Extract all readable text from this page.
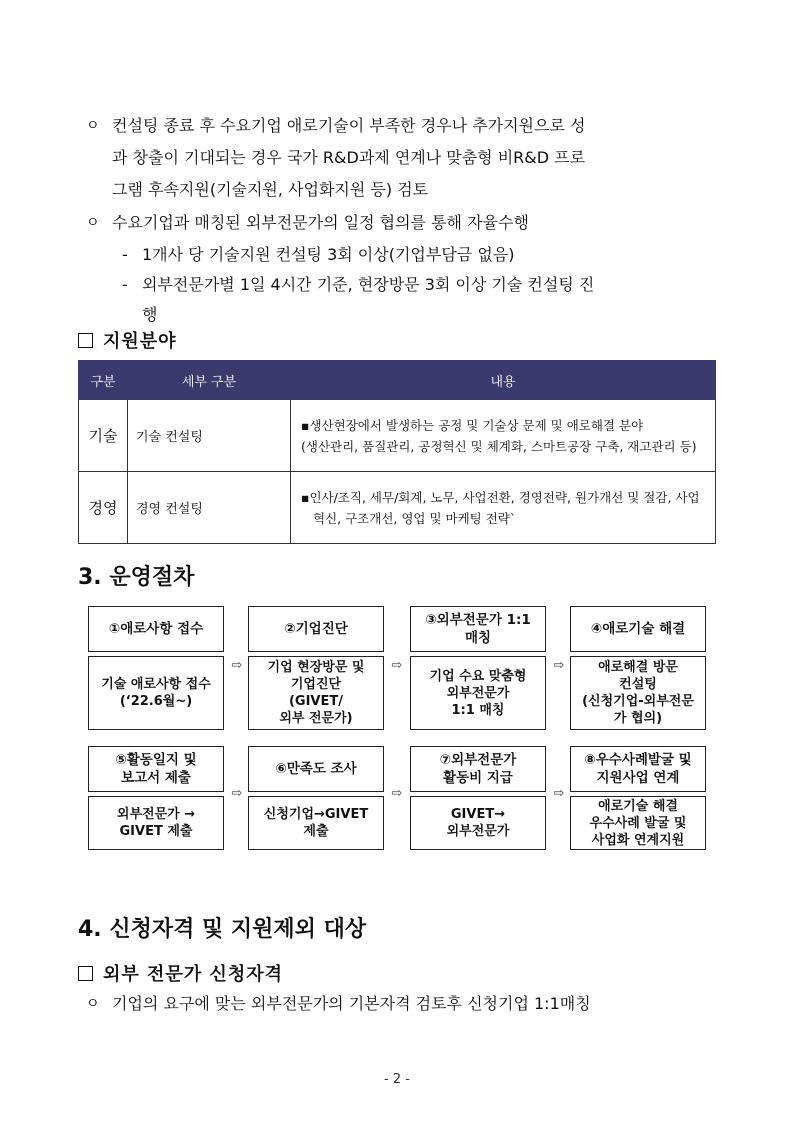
ㅇ 컨설팅 종료 후 수요기업 애로기술이 부족한 경우나 추가지원으로 성
과 창출이 기대되는 경우 국가 R&D과제 연계나 맞춤형 비R&D 프로
그램 후속지원(기술지원, 사업화지원 등) 검토
ㅇ 수요기업과 매칭된 외부전문가의 일정 협의를 통해 자율수행
- 1개사 당 기술지원 컨설팅 3회 이상(기업부담금 없음)
- 외부전문가별 1일 4시간 기준, 현장방문 3회 이상 기술 컨설팅 진
행
지원분야
구분	세부 구분	내용
기술	기술 컨설팅	▪생산현장에서 발생하는 공정 및 기술상 문제 및 애로해결 분야
(생산관리, 품질관리, 공정혁신 및 체계화, 스마트공장 구축, 재고관리 등)

경영	경영 컨설팅	▪인사/조직, 세무/회계, 노무, 사업전환, 경영전략, 원가개선 및 절감, 사업
혁신, 구조개선, 영업 및 마케팅 전략`
3. 운영절차
①애로사항 접수
기술 애로사항 접수
(‘22.6월~)
⇨
②기업진단
기업 현장방문 및
기업진단
(GIVET/
외부 전문가)
⇨
③외부전문가 1:1
매칭
기업 수요 맞춤형
외부전문가
1:1 매칭
⇨
④애로기술 해결
애로해결 방문
컨설팅
(신청기업-외부전문
가 협의)
⑤활동일지 및
보고서 제출
외부전문가 →
GIVET 제출
⇨
⑥만족도 조사
신청기업→GIVET
제출
⇨
⑦외부전문가
활동비 지급
GIVET→
외부전문가
⇨
⑧우수사례발굴 및
지원사업 연계
애로기술 해결
우수사례 발굴 및
사업화 연계지원
4. 신청자격 및 지원제외 대상
외부 전문가 신청자격
ㅇ 기업의 요구에 맞는 외부전문가의 기본자격 검토후 신청기업 1:1매칭
- 2 -
